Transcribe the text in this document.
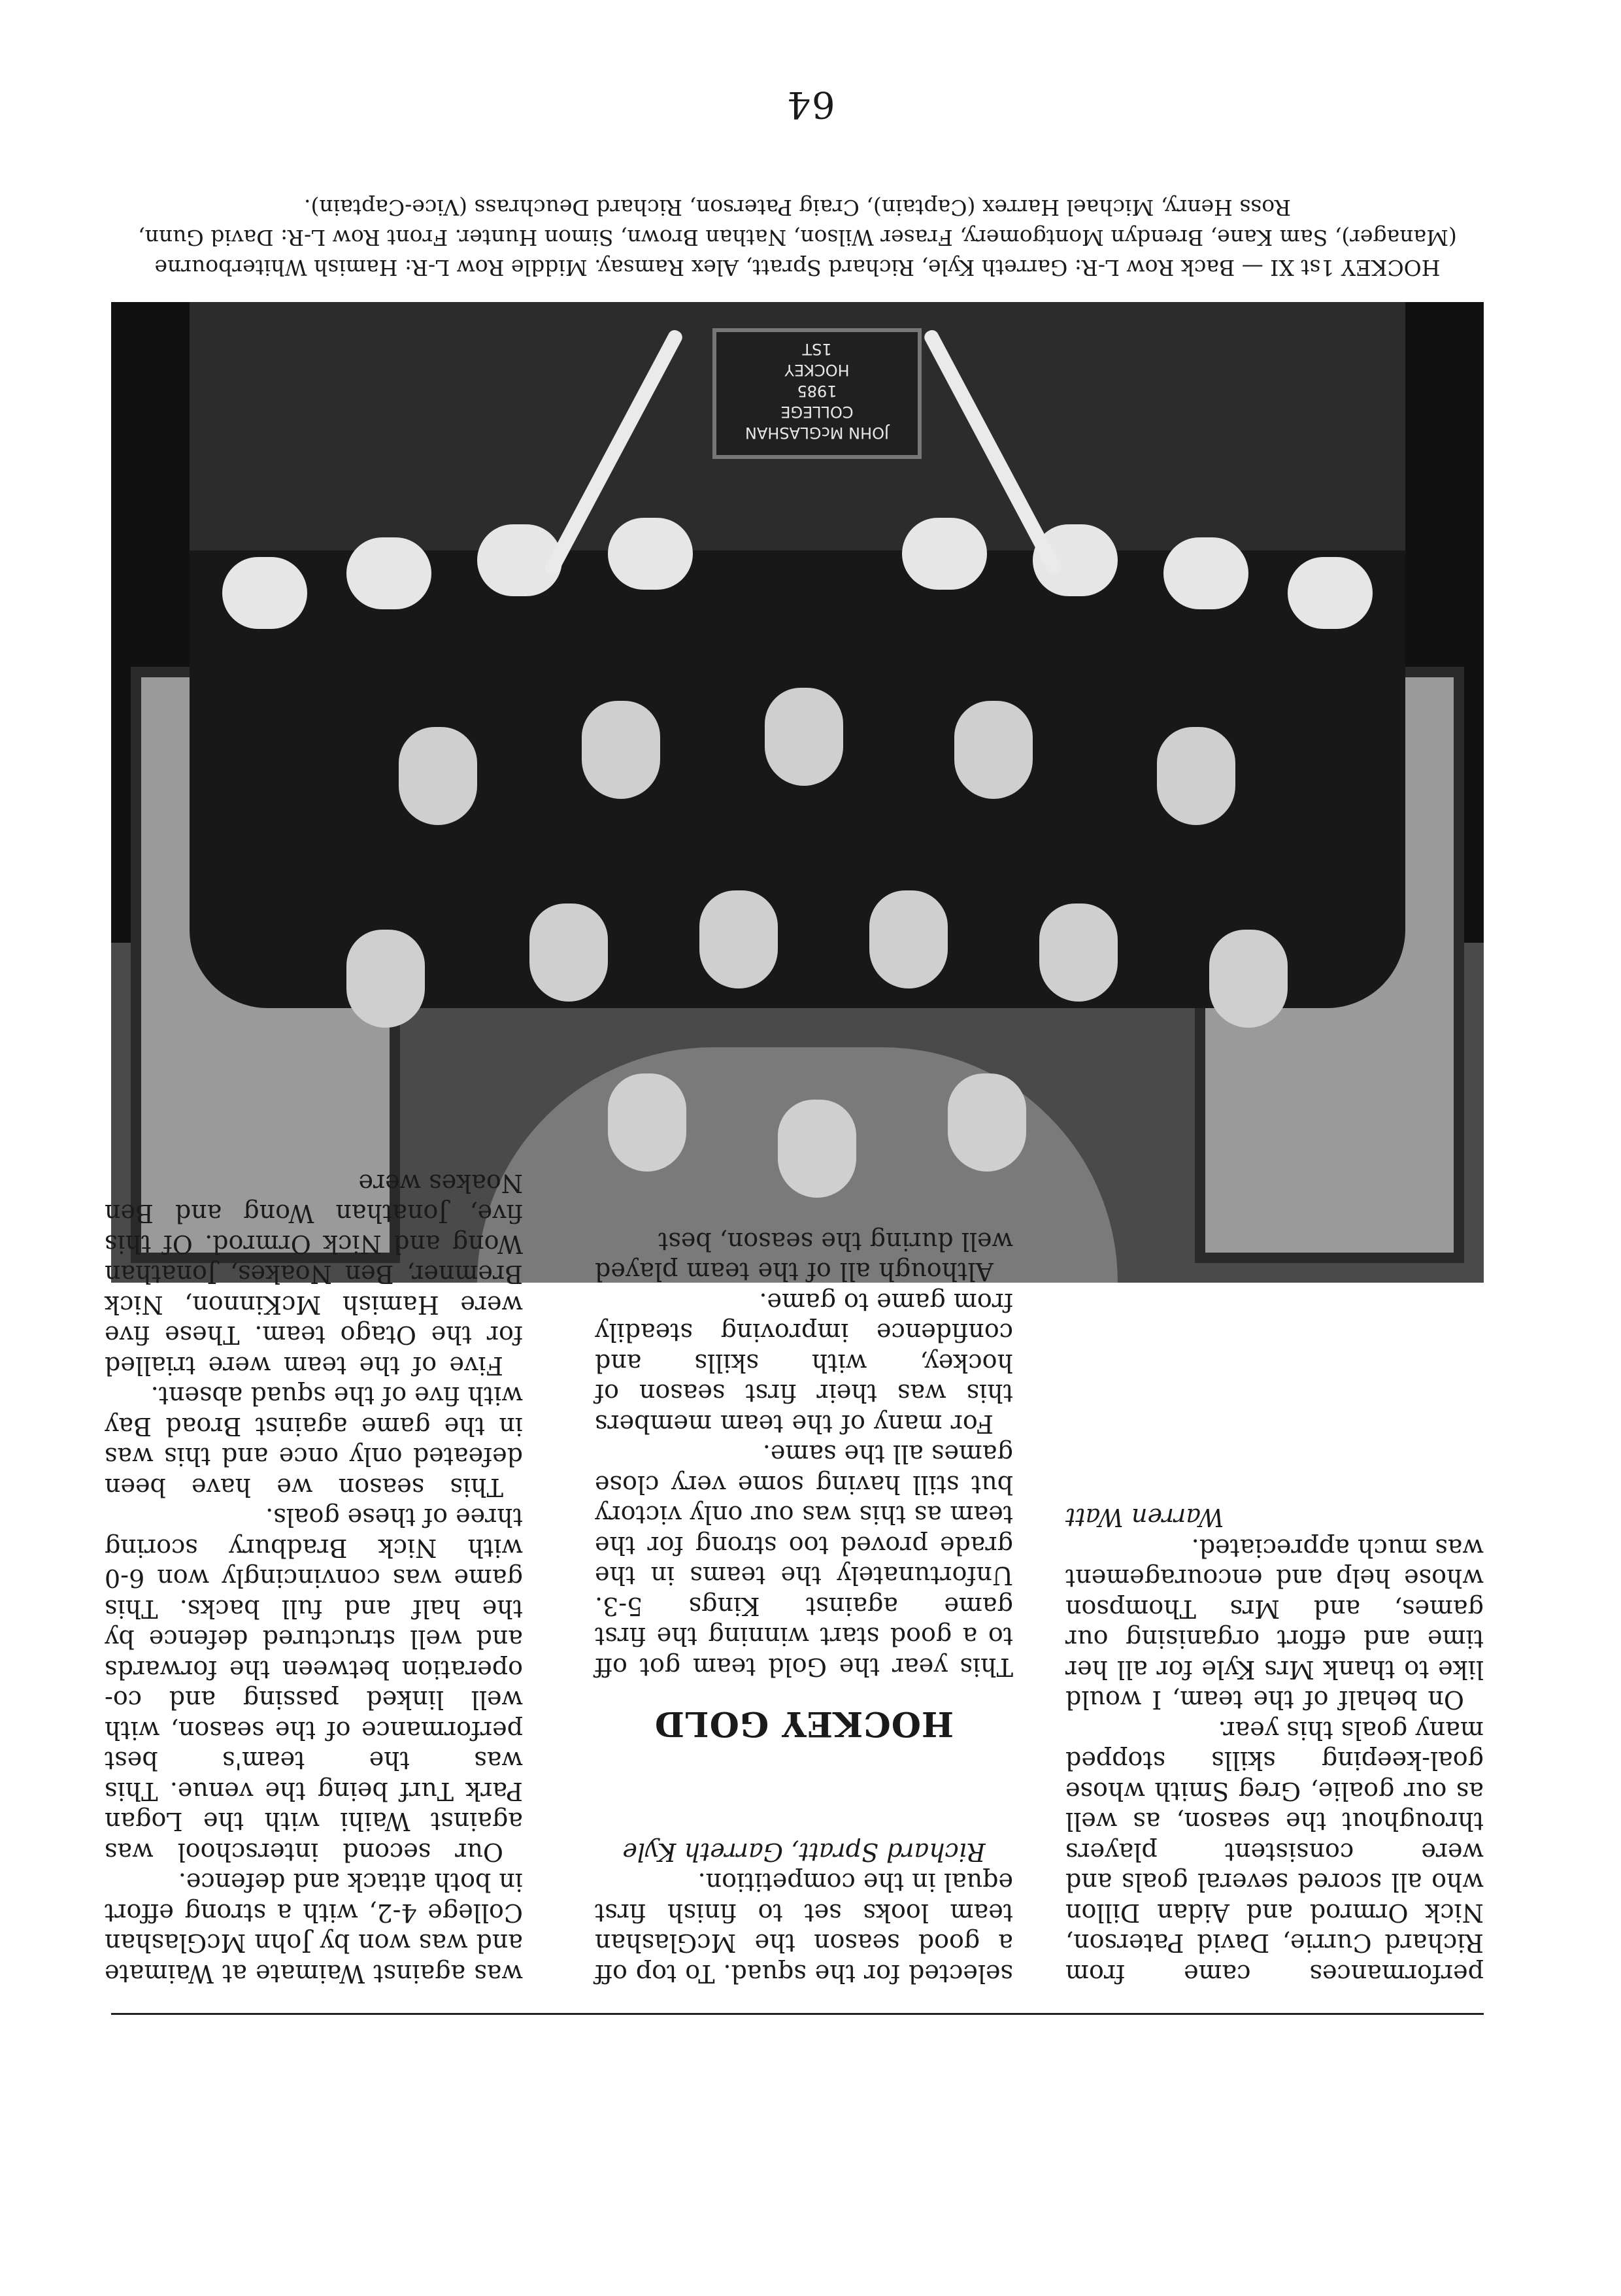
64
JOHN McGLASHAN
COLLEGE
1985
HOCKEY
1ST
HOCKEY 1st XI — Back Row L-R: Garreth Kyle, Richard Spratt, Alex Ramsay. Middle Row L-R: Hamish Whiterbourne (Manager), Sam Kane, Brendyn Montgomery, Fraser Wilson, Nathan Brown, Simon Hunter. Front Row L-R: David Gunn, Ross Henry, Michael Harrex (Captain), Craig Paterson, Richard Deuchrass (Vice-Captain).

was against Waimate at Waimate and was won by John McGlashan College 4-2, with a strong effort in both attack and defence.

Our second interschool was against Waihi with the Logan Park Turf being the venue. This was the team's best performance of the season, with well linked passing and co-operation between the forwards and well structured defence by the half and full backs. This game was convincingly won 6-0 with Nick Bradbury scoring three of these goals.

This season we have been defeated only once and this was in the game against Broad Bay with five of the squad absent.

Five of the team were trialled for the Otago team. These five were Hamish McKinnon, Nick Bremner, Ben Noakes, Jonathan Wong and Nick Ormrod. Of this five, Jonathan Wong and Ben Noakes were

selected for the squad. To top off a good season the McGlashan team looks set to finish first equal in the competition.

Richard Spratt, Garreth Kyle

HOCKEY GOLD

This year the Gold team got off to a good start winning the first game against Kings 5-3. Unfortunately the teams in the grade proved too strong for the team as this was our only victory but still having some very close games all the same.

For many of the team members this was their first season of hockey, with skills and confidence improving steadily from game to game.

Although all of the team played well during the season, best

performances came from Richard Currie, David Paterson, Nick Ormrod and Aidan Dillon who all scored several goals and were consistent players throughout the season, as well as our goalie, Greg Smith whose goal-keeping skills stopped many goals this year.

On behalf of the team, I would like to thank Mrs Kyle for all her time and effort organising our games, and Mrs Thompson whose help and encouragement was much appreciated.

Warren Watt
